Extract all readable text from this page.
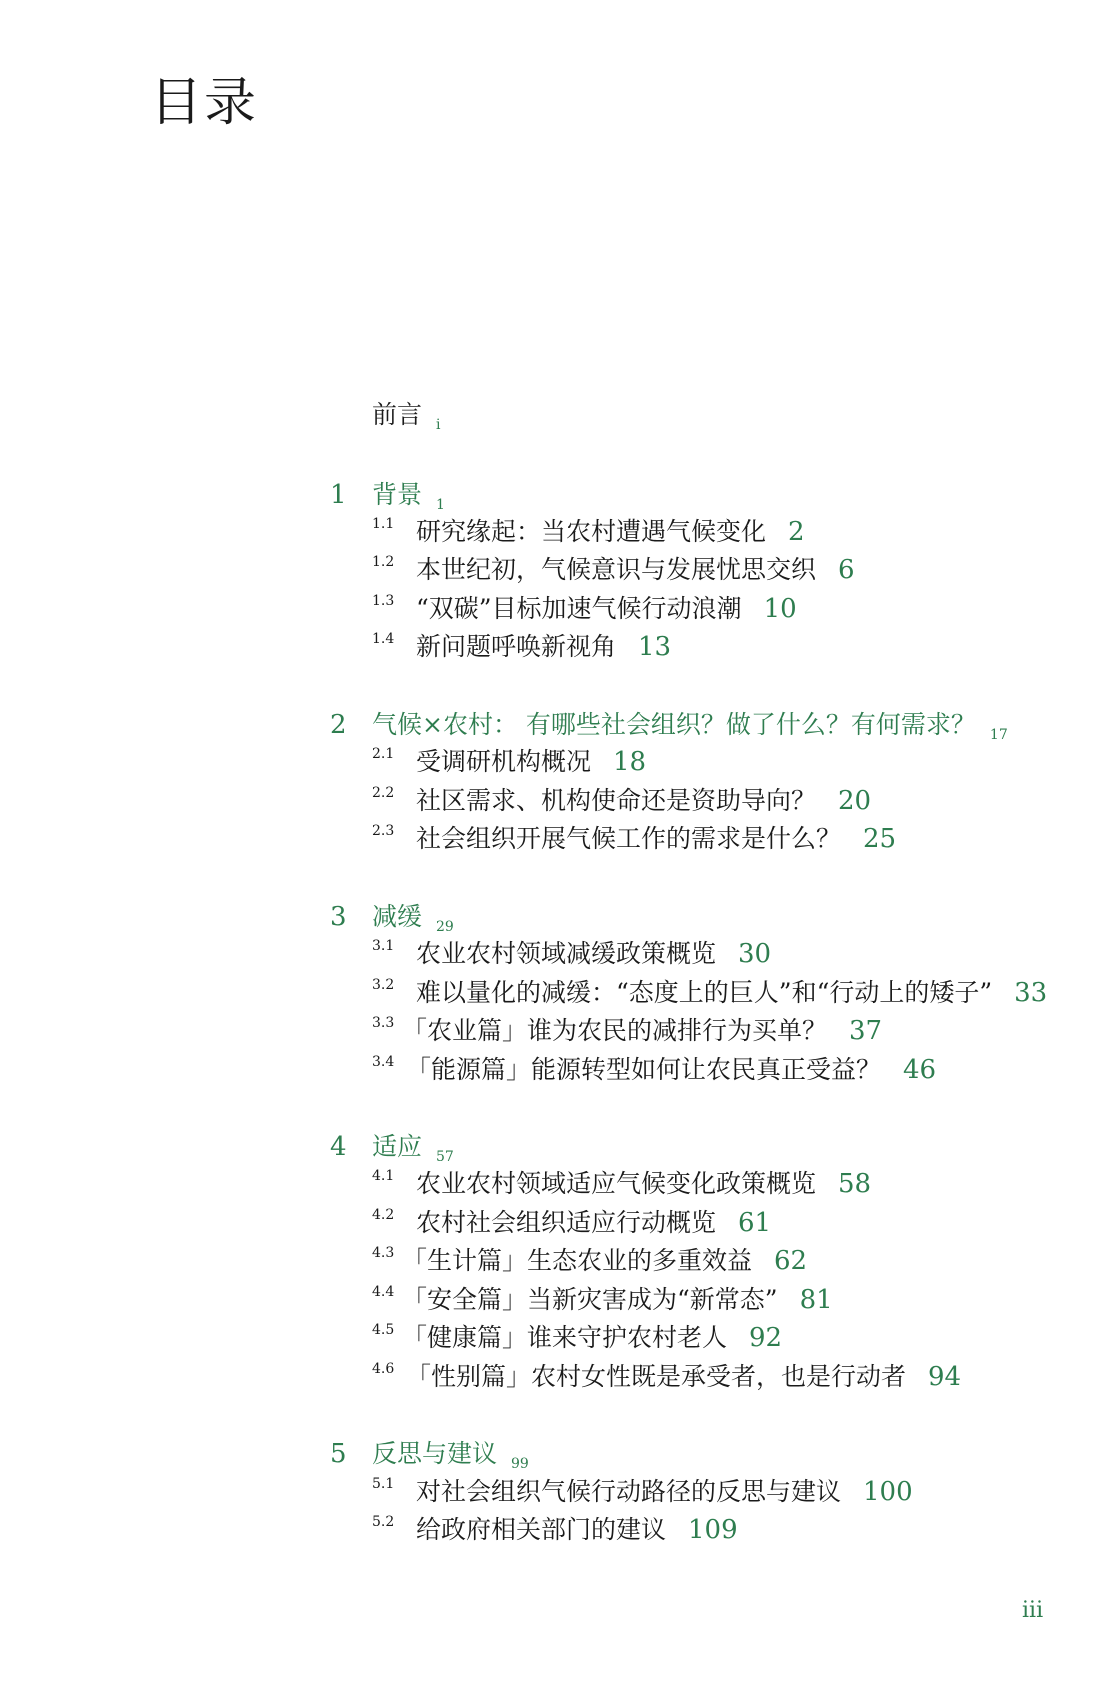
目录
前言 $_i$
1 背景 $_1$
1.1 研究缘起：当农村遭遇气候变化 2
1.2 本世纪初，气候意识与发展忧思交织 6
1.3 “双碳”目标加速气候行动浪潮 10
1.4 新问题呼唤新视角 13
2 气候×农村： 有哪些社会组织？做了什么？有何需求？ $_{17}$
2.1 受调研机构概况 18
2.2 社区需求、机构使命还是资助导向？ 20
2.3 社会组织开展气候工作的需求是什么？ 25
3 减缓 $_{29}$
3.1 农业农村领域减缓政策概览 30
3.2 难以量化的减缓：“态度上的巨人”和“行动上的矮子” 33
3.3 「农业篇」谁为农民的减排行为买单？ 37
3.4 「能源篇」能源转型如何让农民真正受益？ 46
4 适应 $_{57}$
4.1 农业农村领域适应气候变化政策概览 58
4.2 农村社会组织适应行动概览 61
4.3 「生计篇」生态农业的多重效益 62
4.4 「安全篇」当新灾害成为“新常态” 81
4.5 「健康篇」谁来守护农村老人 92
4.6 「性别篇」农村女性既是承受者，也是行动者 94
5 反思与建议 $_{99}$
5.1 对社会组织气候行动路径的反思与建议 100
5.2 给政府相关部门的建议 109
iii
